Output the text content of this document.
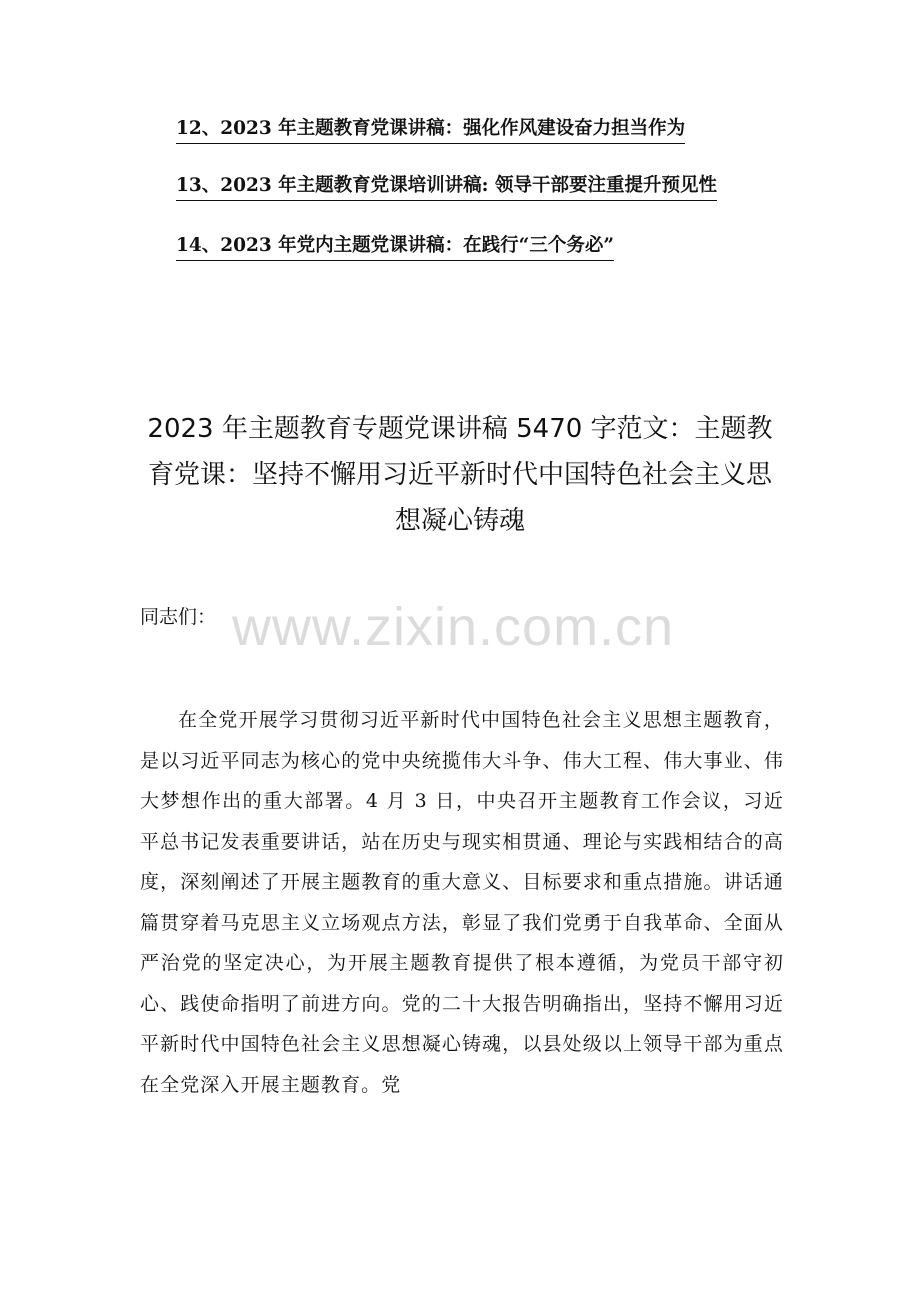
12、2023 年主题教育党课讲稿：强化作风建设奋力担当作为
13、2023 年主题教育党课培训讲稿: 领导干部要注重提升预见性
14、2023 年党内主题党课讲稿：在践行“三个务必”
2023 年主题教育专题党课讲稿 5470 字范文：主题教育党课：坚持不懈用习近平新时代中国特色社会主义思想凝心铸魂

同志们： www.zixin.com.cn

在全党开展学习贯彻习近平新时代中国特色社会主义思想主题教育，是以习近平同志为核心的党中央统揽伟大斗争、伟大工程、伟大事业、伟大梦想作出的重大部署。4 月 3 日，中央召开主题教育工作会议，习近平总书记发表重要讲话，站在历史与现实相贯通、理论与实践相结合的高度，深刻阐述了开展主题教育的重大意义、目标要求和重点措施。讲话通篇贯穿着马克思主义立场观点方法，彰显了我们党勇于自我革命、全面从严治党的坚定决心，为开展主题教育提供了根本遵循，为党员干部守初心、践使命指明了前进方向。党的二十大报告明确指出，坚持不懈用习近平新时代中国特色社会主义思想凝心铸魂，以县处级以上领导干部为重点在全党深入开展主题教育。党
